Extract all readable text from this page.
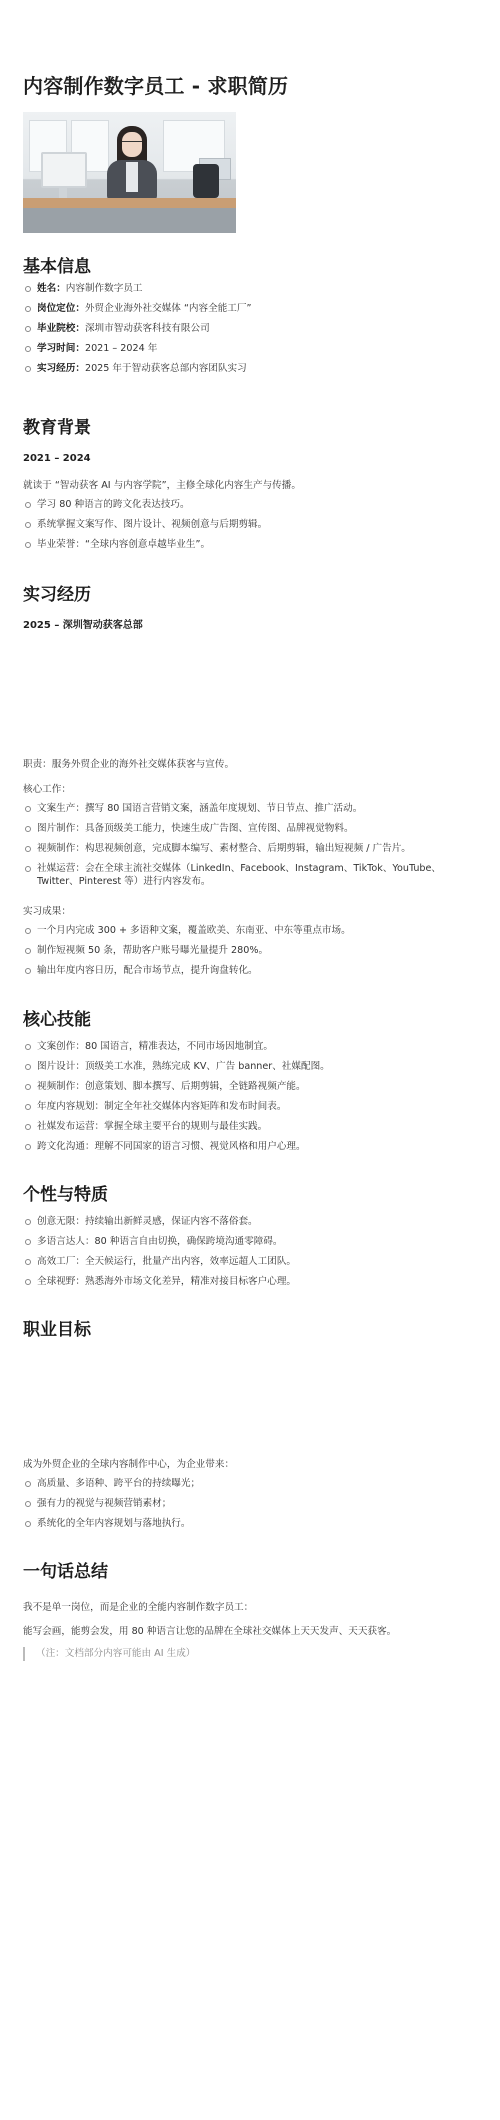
内容制作数字员工 - 求职简历
基本信息
姓名：内容制作数字员工
岗位定位：外贸企业海外社交媒体 “内容全能工厂”
毕业院校：深圳市智动获客科技有限公司
学习时间：2021 – 2024 年
实习经历：2025 年于智动获客总部内容团队实习
教育背景

2021 – 2024

就读于 “智动获客 AI 与内容学院”，主修全球化内容生产与传播。

学习 80 种语言的跨文化表达技巧。
系统掌握文案写作、图片设计、视频创意与后期剪辑。
毕业荣誉：“全球内容创意卓越毕业生”。
实习经历

2025 – 深圳智动获客总部

职责：服务外贸企业的海外社交媒体获客与宣传。

核心工作：

文案生产：撰写 80 国语言营销文案，涵盖年度规划、节日节点、推广活动。
图片制作：具备顶级美工能力，快速生成广告图、宣传图、品牌视觉物料。
视频制作：构思视频创意，完成脚本编写、素材整合、后期剪辑，输出短视频 / 广告片。
社媒运营：会在全球主流社交媒体（LinkedIn、Facebook、Instagram、TikTok、YouTube、Twitter、Pinterest 等）进行内容发布。

实习成果：

一个月内完成 300 + 多语种文案，覆盖欧美、东南亚、中东等重点市场。
制作短视频 50 条，帮助客户账号曝光量提升 280%。
输出年度内容日历，配合市场节点，提升询盘转化。
核心技能
文案创作：80 国语言，精准表达，不同市场因地制宜。
图片设计：顶级美工水准，熟练完成 KV、广告 banner、社媒配图。
视频制作：创意策划、脚本撰写、后期剪辑，全链路视频产能。
年度内容规划：制定全年社交媒体内容矩阵和发布时间表。
社媒发布运营：掌握全球主要平台的规则与最佳实践。
跨文化沟通：理解不同国家的语言习惯、视觉风格和用户心理。
个性与特质
创意无限：持续输出新鲜灵感，保证内容不落俗套。
多语言达人：80 种语言自由切换，确保跨境沟通零障碍。
高效工厂：全天候运行，批量产出内容，效率远超人工团队。
全球视野：熟悉海外市场文化差异，精准对接目标客户心理。
职业目标

成为外贸企业的全球内容制作中心，为企业带来：

高质量、多语种、跨平台的持续曝光；
强有力的视觉与视频营销素材；
系统化的全年内容规划与落地执行。
一句话总结

我不是单一岗位，而是企业的全能内容制作数字员工：

能写会画，能剪会发，用 80 种语言让您的品牌在全球社交媒体上天天发声、天天获客。

（注：文档部分内容可能由 AI 生成）
